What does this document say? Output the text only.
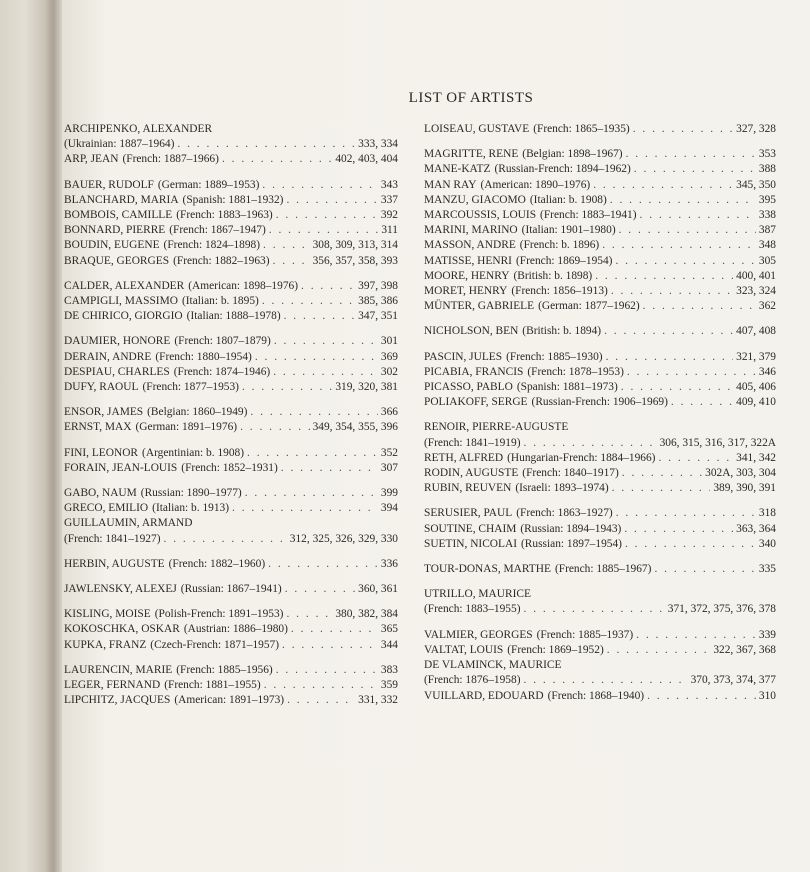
LIST OF ARTISTS
ARCHIPENKO, ALEXANDER
(Ukrainian: 1887–1964) . . .	333, 334
ARP, JEAN (French: 1887–1966) . . .	402, 403, 404
BAUER, RUDOLF (German: 1889–1953) . . .	343
BLANCHARD, MARIA (Spanish: 1881–1932) . . .	337
BOMBOIS, CAMILLE (French: 1883–1963) . . .	392
BONNARD, PIERRE (French: 1867–1947) . . .	311
BOUDIN, EUGENE (French: 1824–1898) . . .	308, 309, 313, 314
BRAQUE, GEORGES (French: 1882–1963) . . .	356, 357, 358, 393
CALDER, ALEXANDER (American: 1898–1976) . . .	397, 398
CAMPIGLI, MASSIMO (Italian: b. 1895) . . .	385, 386
DE CHIRICO, GIORGIO (Italian: 1888–1978) . . .	347, 351
DAUMIER, HONORE (French: 1807–1879) . . .	301
DERAIN, ANDRE (French: 1880–1954) . . .	369
DESPIAU, CHARLES (French: 1874–1946) . . .	302
DUFY, RAOUL (French: 1877–1953) . . .	319, 320, 381
ENSOR, JAMES (Belgian: 1860–1949) . . .	366
ERNST, MAX (German: 1891–1976) . . .	349, 354, 355, 396
FINI, LEONOR (Argentinian: b. 1908) . . .	352
FORAIN, JEAN-LOUIS (French: 1852–1931) . . .	307
GABO, NAUM (Russian: 1890–1977) . . .	399
GRECO, EMILIO (Italian: b. 1913) . . .	394
GUILLAUMIN, ARMAND
(French: 1841–1927) . . .	312, 325, 326, 329, 330
HERBIN, AUGUSTE (French: 1882–1960) . . .	336
JAWLENSKY, ALEXEJ (Russian: 1867–1941) . . .	360, 361
KISLING, MOISE (Polish-French: 1891–1953) . . .	380, 382, 384
KOKOSCHKA, OSKAR (Austrian: 1886–1980) . . .	365
KUPKA, FRANZ (Czech-French: 1871–1957) . . .	344
LAURENCIN, MARIE (French: 1885–1956) . . .	383
LEGER, FERNAND (French: 1881–1955) . . .	359
LIPCHITZ, JACQUES (American: 1891–1973) . . .	331, 332
LOISEAU, GUSTAVE (French: 1865–1935) . . .	327, 328
MAGRITTE, RENE (Belgian: 1898–1967) . . .	353
MANE-KATZ (Russian-French: 1894–1962) . . .	388
MAN RAY (American: 1890–1976) . . .	345, 350
MANZU, GIACOMO (Italian: b. 1908) . . .	395
MARCOUSSIS, LOUIS (French: 1883–1941) . . .	338
MARINI, MARINO (Italian: 1901–1980) . . .	387
MASSON, ANDRE (French: b. 1896) . . .	348
MATISSE, HENRI (French: 1869–1954) . . .	305
MOORE, HENRY (British: b. 1898) . . .	400, 401
MORET, HENRY (French: 1856–1913) . . .	323, 324
MÜNTER, GABRIELE (German: 1877–1962) . . .	362
NICHOLSON, BEN (British: b. 1894) . . .	407, 408
PASCIN, JULES (French: 1885–1930) . . .	321, 379
PICABIA, FRANCIS (French: 1878–1953) . . .	346
PICASSO, PABLO (Spanish: 1881–1973) . . .	405, 406
POLIAKOFF, SERGE (Russian-French: 1906–1969) . . .	409, 410
RENOIR, PIERRE-AUGUSTE
(French: 1841–1919) . . .	306, 315, 316, 317, 322A
RETH, ALFRED (Hungarian-French: 1884–1966) . . .	341, 342
RODIN, AUGUSTE (French: 1840–1917) . . .	302A, 303, 304
RUBIN, REUVEN (Israeli: 1893–1974) . . .	389, 390, 391
SERUSIER, PAUL (French: 1863–1927) . . .	318
SOUTINE, CHAIM (Russian: 1894–1943) . . .	363, 364
SUETIN, NICOLAI (Russian: 1897–1954) . . .	340
TOUR-DONAS, MARTHE (French: 1885–1967) . . .	335
UTRILLO, MAURICE
(French: 1883–1955) . . .	371, 372, 375, 376, 378
VALMIER, GEORGES (French: 1885–1937) . . .	339
VALTAT, LOUIS (French: 1869–1952) . . .	322, 367, 368
DE VLAMINCK, MAURICE
(French: 1876–1958) . . .	370, 373, 374, 377
VUILLARD, EDOUARD (French: 1868–1940) . . .	310
